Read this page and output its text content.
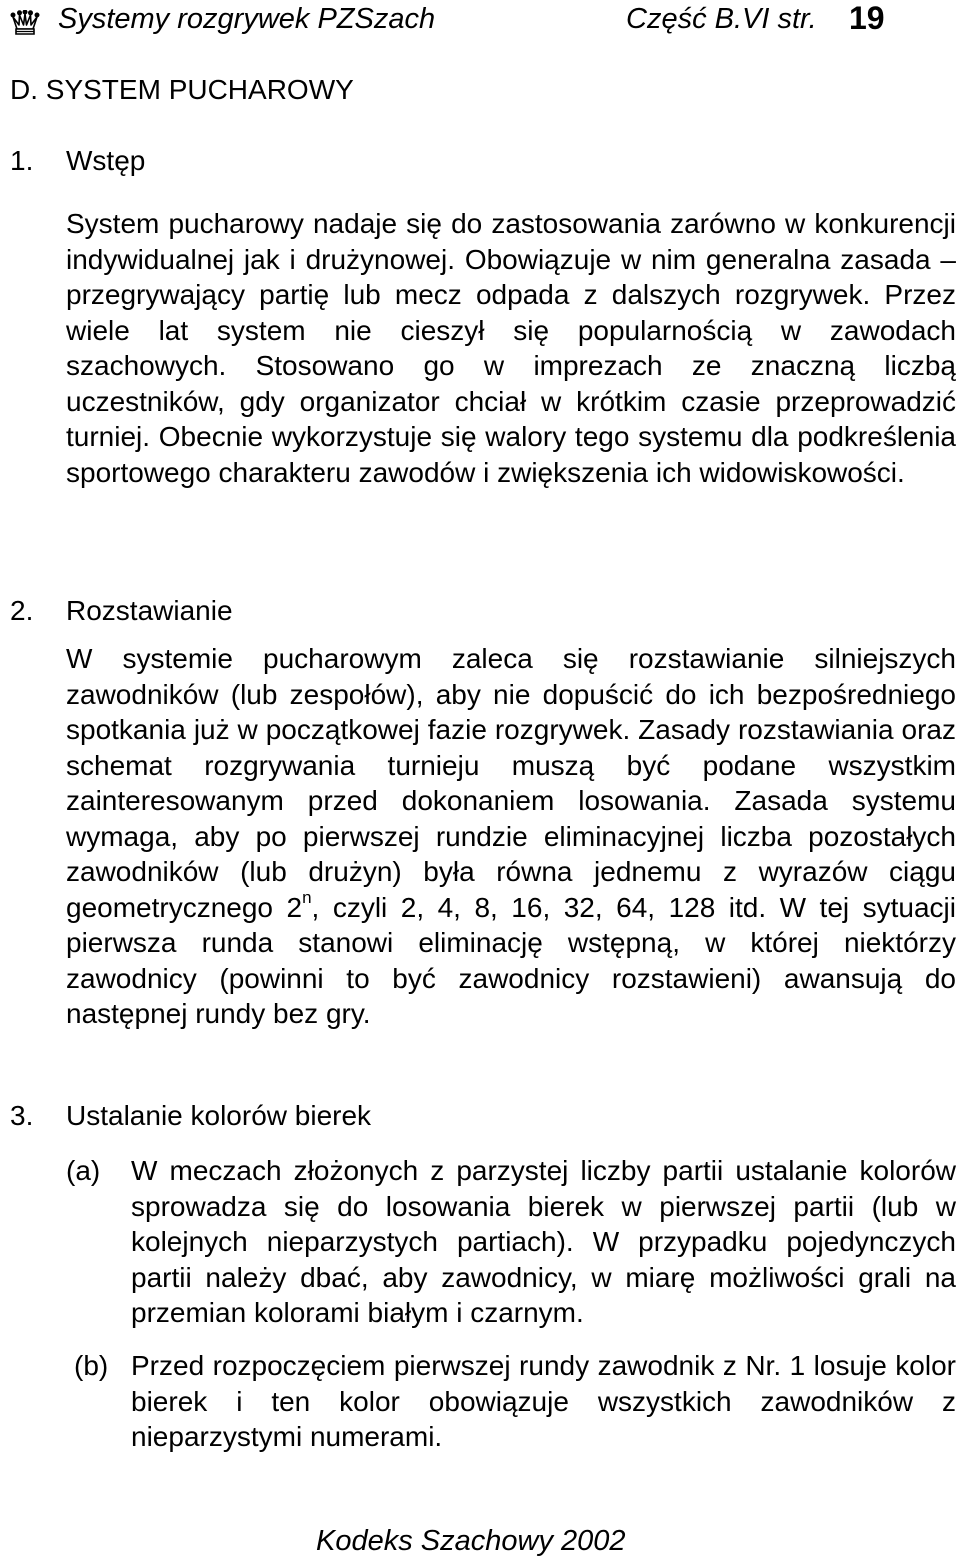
Systemy rozgrywek PZSzach	Część B.VI str. 19
D. SYSTEM PUCHAROWY
1. Wstęp
System pucharowy nadaje się do zastosowania zarówno w konkurencji indywidualnej jak i drużynowej. Obowiązuje w nim generalna zasada – przegrywający partię lub mecz odpada z dalszych rozgrywek. Przez wiele lat system nie cieszył się popularnością w zawodach szachowych. Stosowano go w imprezach ze znaczną liczbą uczestników, gdy organizator chciał w krótkim czasie przeprowadzić turniej. Obecnie wykorzystuje się walory tego systemu dla podkreślenia sportowego charakteru zawodów i zwiększenia ich widowiskowości.
2. Rozstawianie
W systemie pucharowym zaleca się rozstawianie silniejszych zawodników (lub zespołów), aby nie dopuścić do ich bezpośredniego spotkania już w początkowej fazie rozgrywek. Zasady rozstawiania oraz schemat rozgrywania turnieju muszą być podane wszystkim zainteresowanym przed dokonaniem losowania. Zasada systemu wymaga, aby po pierwszej rundzie eliminacyjnej liczba pozostałych zawodników (lub drużyn) była równa jednemu z wyrazów ciągu geometrycznego 2$^n$, czyli 2, 4, 8, 16, 32, 64, 128 itd. W tej sytuacji pierwsza runda stanowi eliminację wstępną, w której niektórzy zawodnicy (powinni to być zawodnicy rozstawieni) awansują do następnej rundy bez gry.
3. Ustalanie kolorów bierek
(a) W meczach złożonych z parzystej liczby partii ustalanie kolorów sprowadza się do losowania bierek w pierwszej partii (lub w kolejnych nieparzystych partiach). W przypadku pojedynczych partii należy dbać, aby zawodnicy, w miarę możliwości grali na przemian kolorami białym i czarnym.
(b) Przed rozpoczęciem pierwszej rundy zawodnik z Nr. 1 losuje kolor bierek i ten kolor obowiązuje wszystkich zawodników z nieparzystymi numerami.
Kodeks Szachowy 2002
